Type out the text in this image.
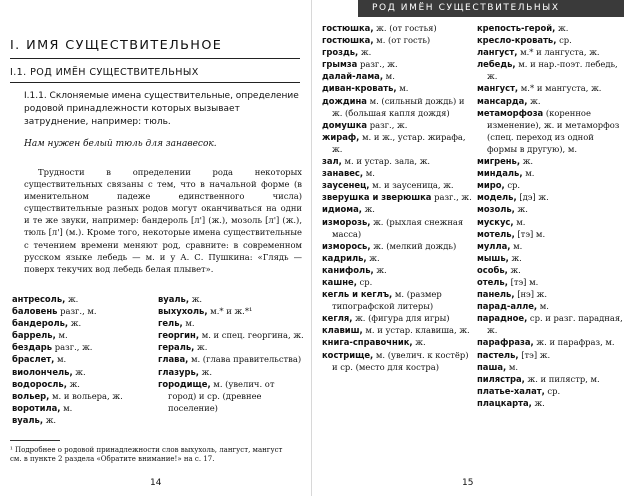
I. ИМЯ СУЩЕСТВИТЕЛЬНОЕ
I.1. РОД ИМЁН СУЩЕСТВИТЕЛЬНЫХ
I.1.1. Склоняемые имена существительные, определение родовой принадлежности которых вызывает затруднение, например: тюль.
Нам нужен белый тюль для занавесок.

Трудности в определении рода некоторых существительных связаны с тем, что в начальной форме (в именительном падеже единственного числа) существительные разных родов могут оканчиваться на одни и те же звуки, например: бандероль [л'] (ж.), мозоль [л'] (ж.), тюль [л'] (м.). Кроме того, некоторые имена существительные с течением времени меняют род, сравните: в современном русском языке лебедь — м. и у А. С. Пушкина: «Глядь — поверх текучих вод лебедь белая плывет».

антресоль, ж.
баловень разг., м.
бандероль, ж.
баррель, м.
бездарь разг., ж.
браслет, м.
виолончель, ж.
водоросль, ж.
вольер, м. и вольера, ж.
воротила, м.
вуаль, ж.
вуаль, ж.
выхухоль, м.* и ж.*¹
гель, м.
георгин, м. и спец. георгина, ж.
гераль, ж.
глава, м. (глава правительства)
глазурь, ж.
городище, м. (увелич. от город) и ср. (древнее поселение)
¹ Подробнее о родовой принадлежности слов выхухоль, лангуст, мангуст см. в пункте 2 раздела «Обратите внимание!» на с. 17.
14
РОД ИМЁН СУЩЕСТВИТЕЛЬНЫХ
гостюшка, ж. (от гостья)
гостюшка, м. (от гость)
гроздь, ж.
грымза разг., ж.
далай-лама, м.
диван-кровать, м.
дождина м. (сильный дождь) и ж. (большая капля дождя)
домушка разг., ж.
жираф, м. и ж., устар. жирафа, ж.
зал, м. и устар. зала, ж.
занавес, м.
заусенец, м. и заусеница, ж.
зверушка и зверюшка разг., ж.
идиома, ж.
изморозь, ж. (рыхлая снежная масса)
изморось, ж. (мелкий дождь)
кадриль, ж.
канифоль, ж.
кашне, ср.
кегль и кеглъ, м. (размер типографской литеры)
кегля, ж. (фигура для игры)
клавиш, м. и устар. клавиша, ж.
книга-справочник, ж.
кострище, м. (увелич. к костёр) и ср. (место для костра)
крепость-герой, ж.
кресло-кровать, ср.
лангуст, м.* и лангуста, ж.
лебедь, м. и нар.-поэт. лебедь, ж.
мангуст, м.* и мангуста, ж.
мансарда, ж.
метаморфоза (коренное изменение), ж. и метаморфоз (спец. переход из одной формы в другую), м.
мигрень, ж.
миндаль, м.
миро, ср.
модель, [дэ] ж.
мозоль, ж.
мускус, м.
мотель, [тэ] м.
мулла, м.
мышь, ж.
особь, ж.
отель, [тэ] м.
панель, [нэ] ж.
парад-алле, м.
парадное, ср. и разг. парадная, ж.
парафраза, ж. и парафраз, м.
пастель, [тэ] ж.
паша, м.
пилястра, ж. и пилястр, м.
платье-халат, ср.
плацкарта, ж.
15
